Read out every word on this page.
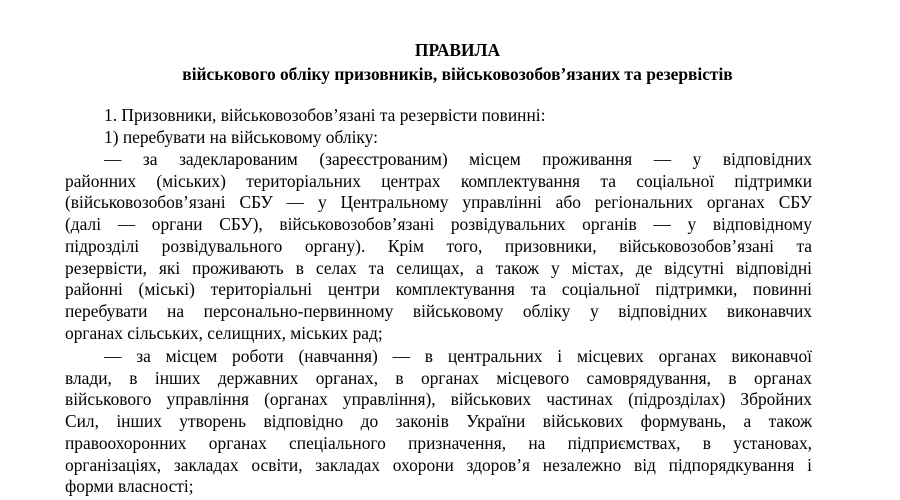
ПРАВИЛА

військового обліку призовників, військовозобов’язаних та резервістів

1. Призовники, військовозобов’язані та резервісти повинні:

1) перебувати на військовому обліку:

— за задекларованим (зареєстрованим) місцем проживання — у відповідних
районних (міських) територіальних центрах комплектування та соціальної підтримки
(військовозобов’язані СБУ — у Центральному управлінні або регіональних органах СБУ
(далі — органи СБУ), військовозобов’язані розвідувальних органів — у відповідному
підрозділі розвідувального органу). Крім того, призовники, військовозобов’язані та
резервісти, які проживають в селах та селищах, а також у містах, де відсутні відповідні
районні (міські) територіальні центри комплектування та соціальної підтримки, повинні
перебувати на персонально-первинному військовому обліку у відповідних виконавчих
органах сільських, селищних, міських рад;
— за місцем роботи (навчання) — в центральних і місцевих органах виконавчої
влади, в інших державних органах, в органах місцевого самоврядування, в органах
військового управління (органах управління), військових частинах (підрозділах) Збройних
Сил, інших утворень відповідно до законів України військових формувань, а також
правоохоронних органах спеціального призначення, на підприємствах, в установах,
організаціях, закладах освіти, закладах охорони здоров’я незалежно від підпорядкування і
форми власності;
